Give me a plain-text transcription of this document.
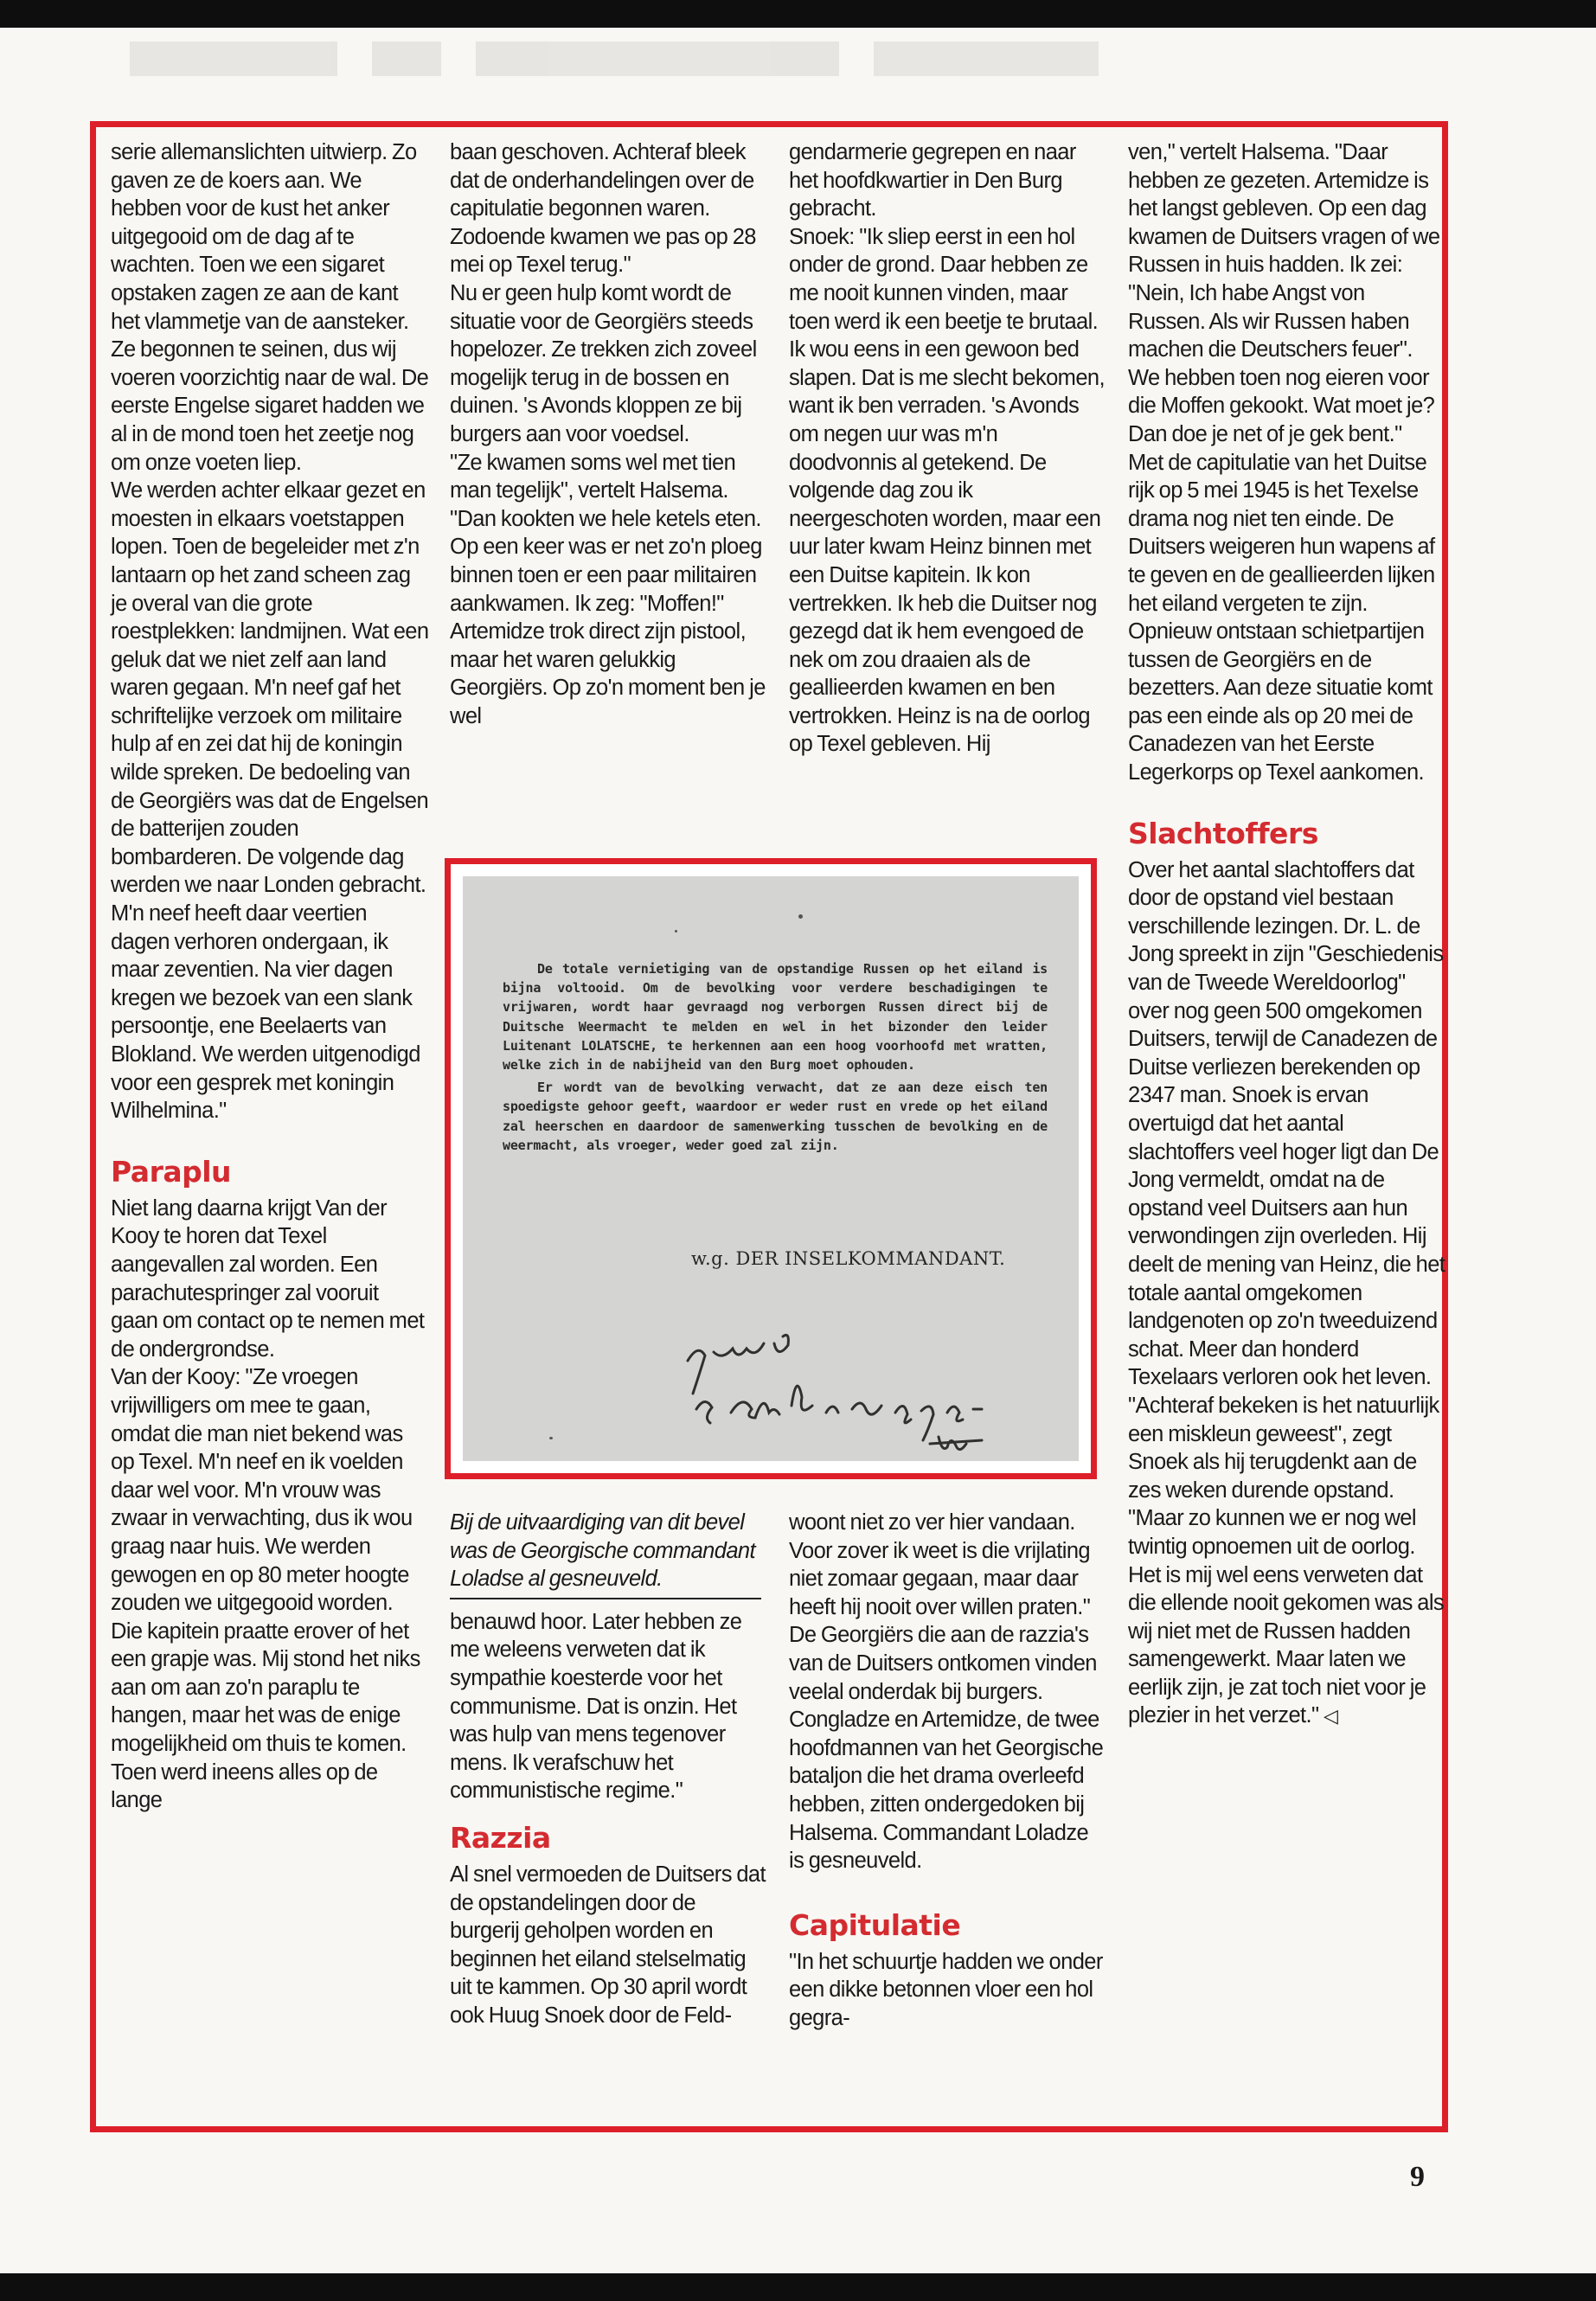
serie allemanslichten uitwierp. Zo gaven ze de koers aan. We hebben voor de kust het anker uitgegooid om de dag af te wachten. Toen we een sigaret opstaken zagen ze aan de kant het vlammetje van de aansteker. Ze begonnen te seinen, dus wij voeren voorzichtig naar de wal. De eerste Engelse sigaret hadden we al in de mond toen het zeetje nog om onze voeten liep.

We werden achter elkaar gezet en moesten in elkaars voetstappen lopen. Toen de begeleider met z'n lantaarn op het zand scheen zag je overal van die grote roestplekken: landmijnen. Wat een geluk dat we niet zelf aan land waren gegaan. M'n neef gaf het schriftelijke verzoek om militaire hulp af en zei dat hij de koningin wilde spreken. De bedoeling van de Georgiërs was dat de Engelsen de batterijen zouden bombarderen. De volgende dag werden we naar Londen gebracht. M'n neef heeft daar veertien dagen verhoren ondergaan, ik maar zeventien. Na vier dagen kregen we bezoek van een slank persoontje, ene Beelaerts van Blokland. We werden uitgenodigd voor een gesprek met koningin Wilhelmina."

Paraplu

Niet lang daarna krijgt Van der Kooy te horen dat Texel aangevallen zal worden. Een parachutespringer zal vooruit gaan om contact op te nemen met de ondergrondse.

Van der Kooy: "Ze vroegen vrijwilligers om mee te gaan, omdat die man niet bekend was op Texel. M'n neef en ik voelden daar wel voor. M'n vrouw was zwaar in verwachting, dus ik wou graag naar huis. We werden gewogen en op 80 meter hoogte zouden we uitgegooid worden. Die kapitein praatte erover of het een grapje was. Mij stond het niks aan om aan zo'n paraplu te hangen, maar het was de enige mogelijkheid om thuis te komen. Toen werd ineens alles op de lange

baan geschoven. Achteraf bleek dat de onderhandelingen over de capitulatie begonnen waren. Zodoende kwamen we pas op 28 mei op Texel terug."

Nu er geen hulp komt wordt de situatie voor de Georgiërs steeds hopelozer. Ze trekken zich zoveel mogelijk terug in de bossen en duinen. 's Avonds kloppen ze bij burgers aan voor voedsel.

"Ze kwamen soms wel met tien man tegelijk", vertelt Halsema. "Dan kookten we hele ketels eten. Op een keer was er net zo'n ploeg binnen toen er een paar militairen aankwamen. Ik zeg: "Moffen!" Artemidze trok direct zijn pistool, maar het waren gelukkig Georgiërs. Op zo'n moment ben je wel

Bij de uitvaardiging van dit bevel was de Georgische commandant Loladse al gesneuveld.

benauwd hoor. Later hebben ze me weleens verweten dat ik sympathie koesterde voor het communisme. Dat is onzin. Het was hulp van mens tegenover mens. Ik verafschuw het communistische regime."

Razzia

Al snel vermoeden de Duitsers dat de opstandelingen door de burgerij geholpen worden en beginnen het eiland stelselmatig uit te kammen. Op 30 april wordt ook Huug Snoek door de Feld-

gendarmerie gegrepen en naar het hoofdkwartier in Den Burg gebracht.

Snoek: "Ik sliep eerst in een hol onder de grond. Daar hebben ze me nooit kunnen vinden, maar toen werd ik een beetje te brutaal. Ik wou eens in een gewoon bed slapen. Dat is me slecht bekomen, want ik ben verraden. 's Avonds om negen uur was m'n doodvonnis al getekend. De volgende dag zou ik neergeschoten worden, maar een uur later kwam Heinz binnen met een Duitse kapitein. Ik kon vertrekken. Ik heb die Duitser nog gezegd dat ik hem evengoed de nek om zou draaien als de geallieerden kwamen en ben vertrokken. Heinz is na de oorlog op Texel gebleven. Hij

woont niet zo ver hier vandaan. Voor zover ik weet is die vrijlating niet zomaar gegaan, maar daar heeft hij nooit over willen praten."

De Georgiërs die aan de razzia's van de Duitsers ontkomen vinden veelal onderdak bij burgers. Congladze en Artemidze, de twee hoofdmannen van het Georgische bataljon die het drama overleefd hebben, zitten ondergedoken bij Halsema. Commandant Loladze is gesneuveld.

Capitulatie

"In het schuurtje hadden we onder een dikke betonnen vloer een hol gegra-

ven," vertelt Halsema. "Daar hebben ze gezeten. Artemidze is het langst gebleven. Op een dag kwamen de Duitsers vragen of we Russen in huis hadden. Ik zei: "Nein, Ich habe Angst von Russen. Als wir Russen haben machen die Deutschers feuer". We hebben toen nog eieren voor die Moffen gekookt. Wat moet je? Dan doe je net of je gek bent."

Met de capitulatie van het Duitse rijk op 5 mei 1945 is het Texelse drama nog niet ten einde. De Duitsers weigeren hun wapens af te geven en de geallieerden lijken het eiland vergeten te zijn. Opnieuw ontstaan schietpartijen tussen de Georgiërs en de bezetters. Aan deze situatie komt pas een einde als op 20 mei de Canadezen van het Eerste Legerkorps op Texel aankomen.

Slachtoffers

Over het aantal slachtoffers dat door de opstand viel bestaan verschillende lezingen. Dr. L. de Jong spreekt in zijn "Geschiedenis van de Tweede Wereldoorlog" over nog geen 500 omgekomen Duitsers, terwijl de Canadezen de Duitse verliezen berekenden op 2347 man. Snoek is ervan overtuigd dat het aantal slachtoffers veel hoger ligt dan De Jong vermeldt, omdat na de opstand veel Duitsers aan hun verwondingen zijn overleden. Hij deelt de mening van Heinz, die het totale aantal omgekomen landgenoten op zo'n tweeduizend schat. Meer dan honderd Texelaars verloren ook het leven.

"Achteraf bekeken is het natuurlijk een miskleun geweest", zegt Snoek als hij terugdenkt aan de zes weken durende opstand.

"Maar zo kunnen we er nog wel twintig opnoemen uit de oorlog. Het is mij wel eens verweten dat die ellende nooit gekomen was als wij niet met de Russen hadden samengewerkt. Maar laten we eerlijk zijn, je zat toch niet voor je plezier in het verzet." ◁

De totale vernietiging van de opstandige Russen op het eiland is bijna voltooid. Om de bevolking voor verdere beschadigingen te vrijwaren, wordt haar gevraagd nog verborgen Russen direct bij de Duitsche Weermacht te melden en wel in het bizonder den leider Luitenant LOLATSCHE, te herkennen aan een hoog voorhoofd met wratten, welke zich in de nabijheid van den Burg moet ophouden.

Er wordt van de bevolking verwacht, dat ze aan deze eisch ten spoedigste gehoor geeft, waardoor er weder rust en vrede op het eiland zal heerschen en daardoor de samenwerking tusschen de bevolking en de weermacht, als vroeger, weder goed zal zijn.

w.g. DER INSELKOMMANDANT.
9
